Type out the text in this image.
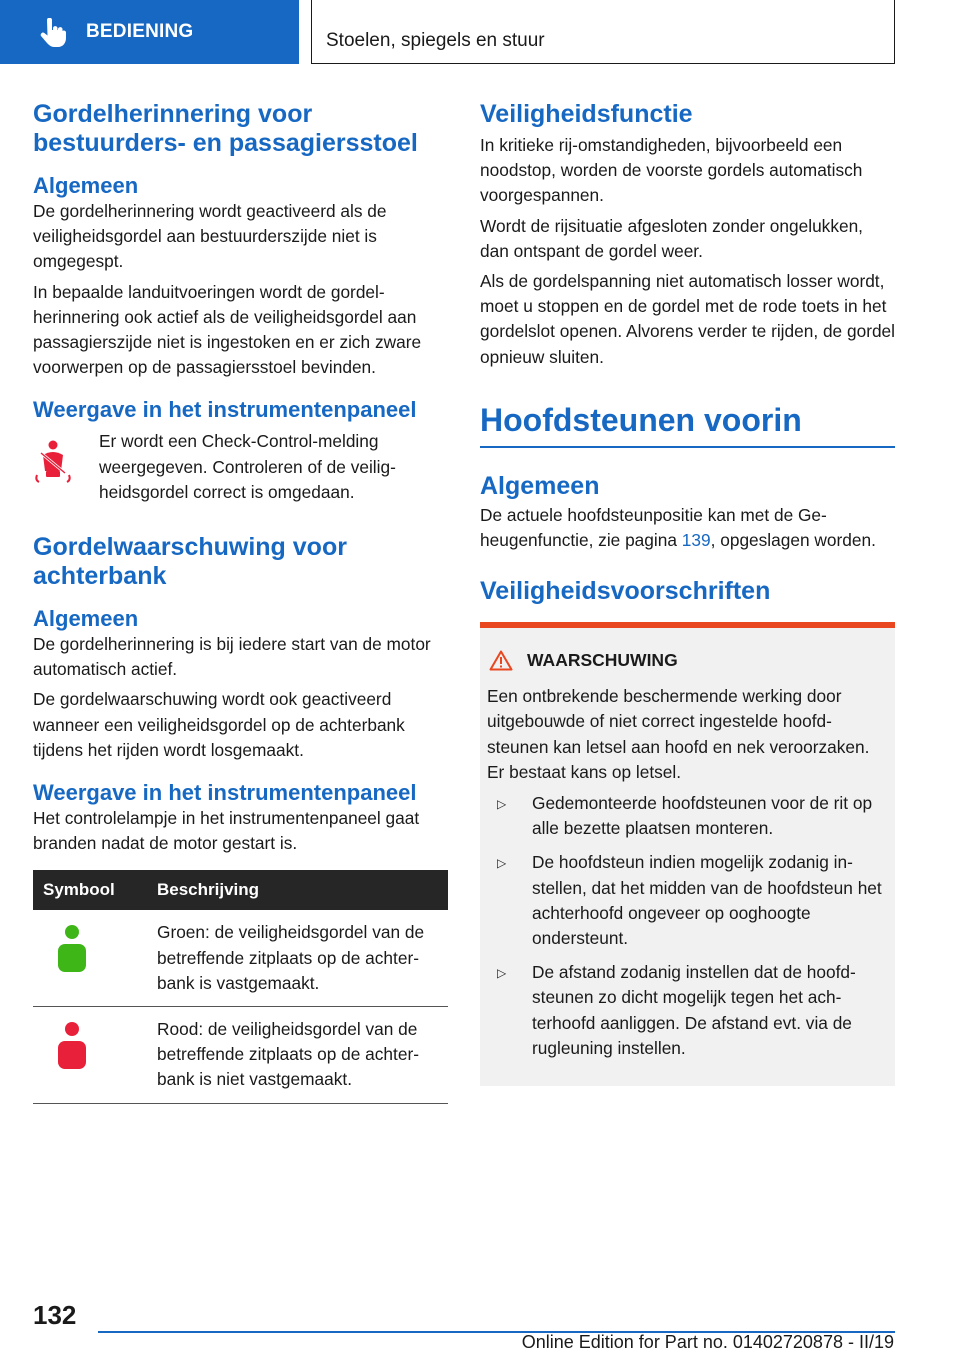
BEDIENING	Stoelen, spiegels en stuur
Gordelherinnering voor bestuurders- en passagiersstoel
Algemeen

De gordelherinnering wordt geactiveerd als de veiligheidsgordel aan bestuurderszijde niet is omgegespt.

In bepaalde landuitvoeringen wordt de gordelherinnering ook actief als de veiligheidsgordel aan passagierszijde niet is ingestoken en er zich zware voorwerpen op de passagiersstoel bevinden.

Weergave in het instrumentenpaneel

Er wordt een Check-Control-melding weergegeven. Controleren of de veiligheidsgordel correct is omgedaan.

Gordelwaarschuwing voor achterbank
Algemeen

De gordelherinnering is bij iedere start van de motor automatisch actief.

De gordelwaarschuwing wordt ook geactiveerd wanneer een veiligheidsgordel op de achterbank tijdens het rijden wordt losgemaakt.

Weergave in het instrumentenpaneel

Het controlelampje in het instrumentenpaneel gaat branden nadat de motor gestart is.

Symbool	Beschrijving

Groen: de veiligheidsgordel van de betreffende zitplaats op de achterbank is vastgemaakt.

Rood: de veiligheidsgordel van de betreffende zitplaats op de achterbank is niet vastgemaakt.

Veiligheidsfunctie

In kritieke rij-omstandigheden, bijvoorbeeld een noodstop, worden de voorste gordels automatisch voorgespannen.

Wordt de rijsituatie afgesloten zonder ongelukken, dan ontspant de gordel weer.

Als de gordelspanning niet automatisch losser wordt, moet u stoppen en de gordel met de rode toets in het gordelslot openen. Alvorens verder te rijden, de gordel opnieuw sluiten.

Hoofdsteunen voorin
Algemeen

De actuele hoofdsteunpositie kan met de Geheugenfunctie, zie pagina 139, opgeslagen worden.

Veiligheidsvoorschriften
WAARSCHUWING

Een ontbrekende beschermende werking door uitgebouwde of niet correct ingestelde hoofdsteunen kan letsel aan hoofd en nek veroorzaken. Er bestaat kans op letsel.

▷	Gedemonteerde hoofdsteunen voor de rit op alle bezette plaatsen monteren.

▷	De hoofdsteun indien mogelijk zodanig instellen, dat het midden van de hoofdsteun het achterhoofd ongeveer op ooghoogte ondersteunt.

▷	De afstand zodanig instellen dat de hoofdsteunen zo dicht mogelijk tegen het achterhoofd aanliggen. De afstand evt. via de rugleuning instellen.

132
Online Edition for Part no. 01402720878 - II/19
